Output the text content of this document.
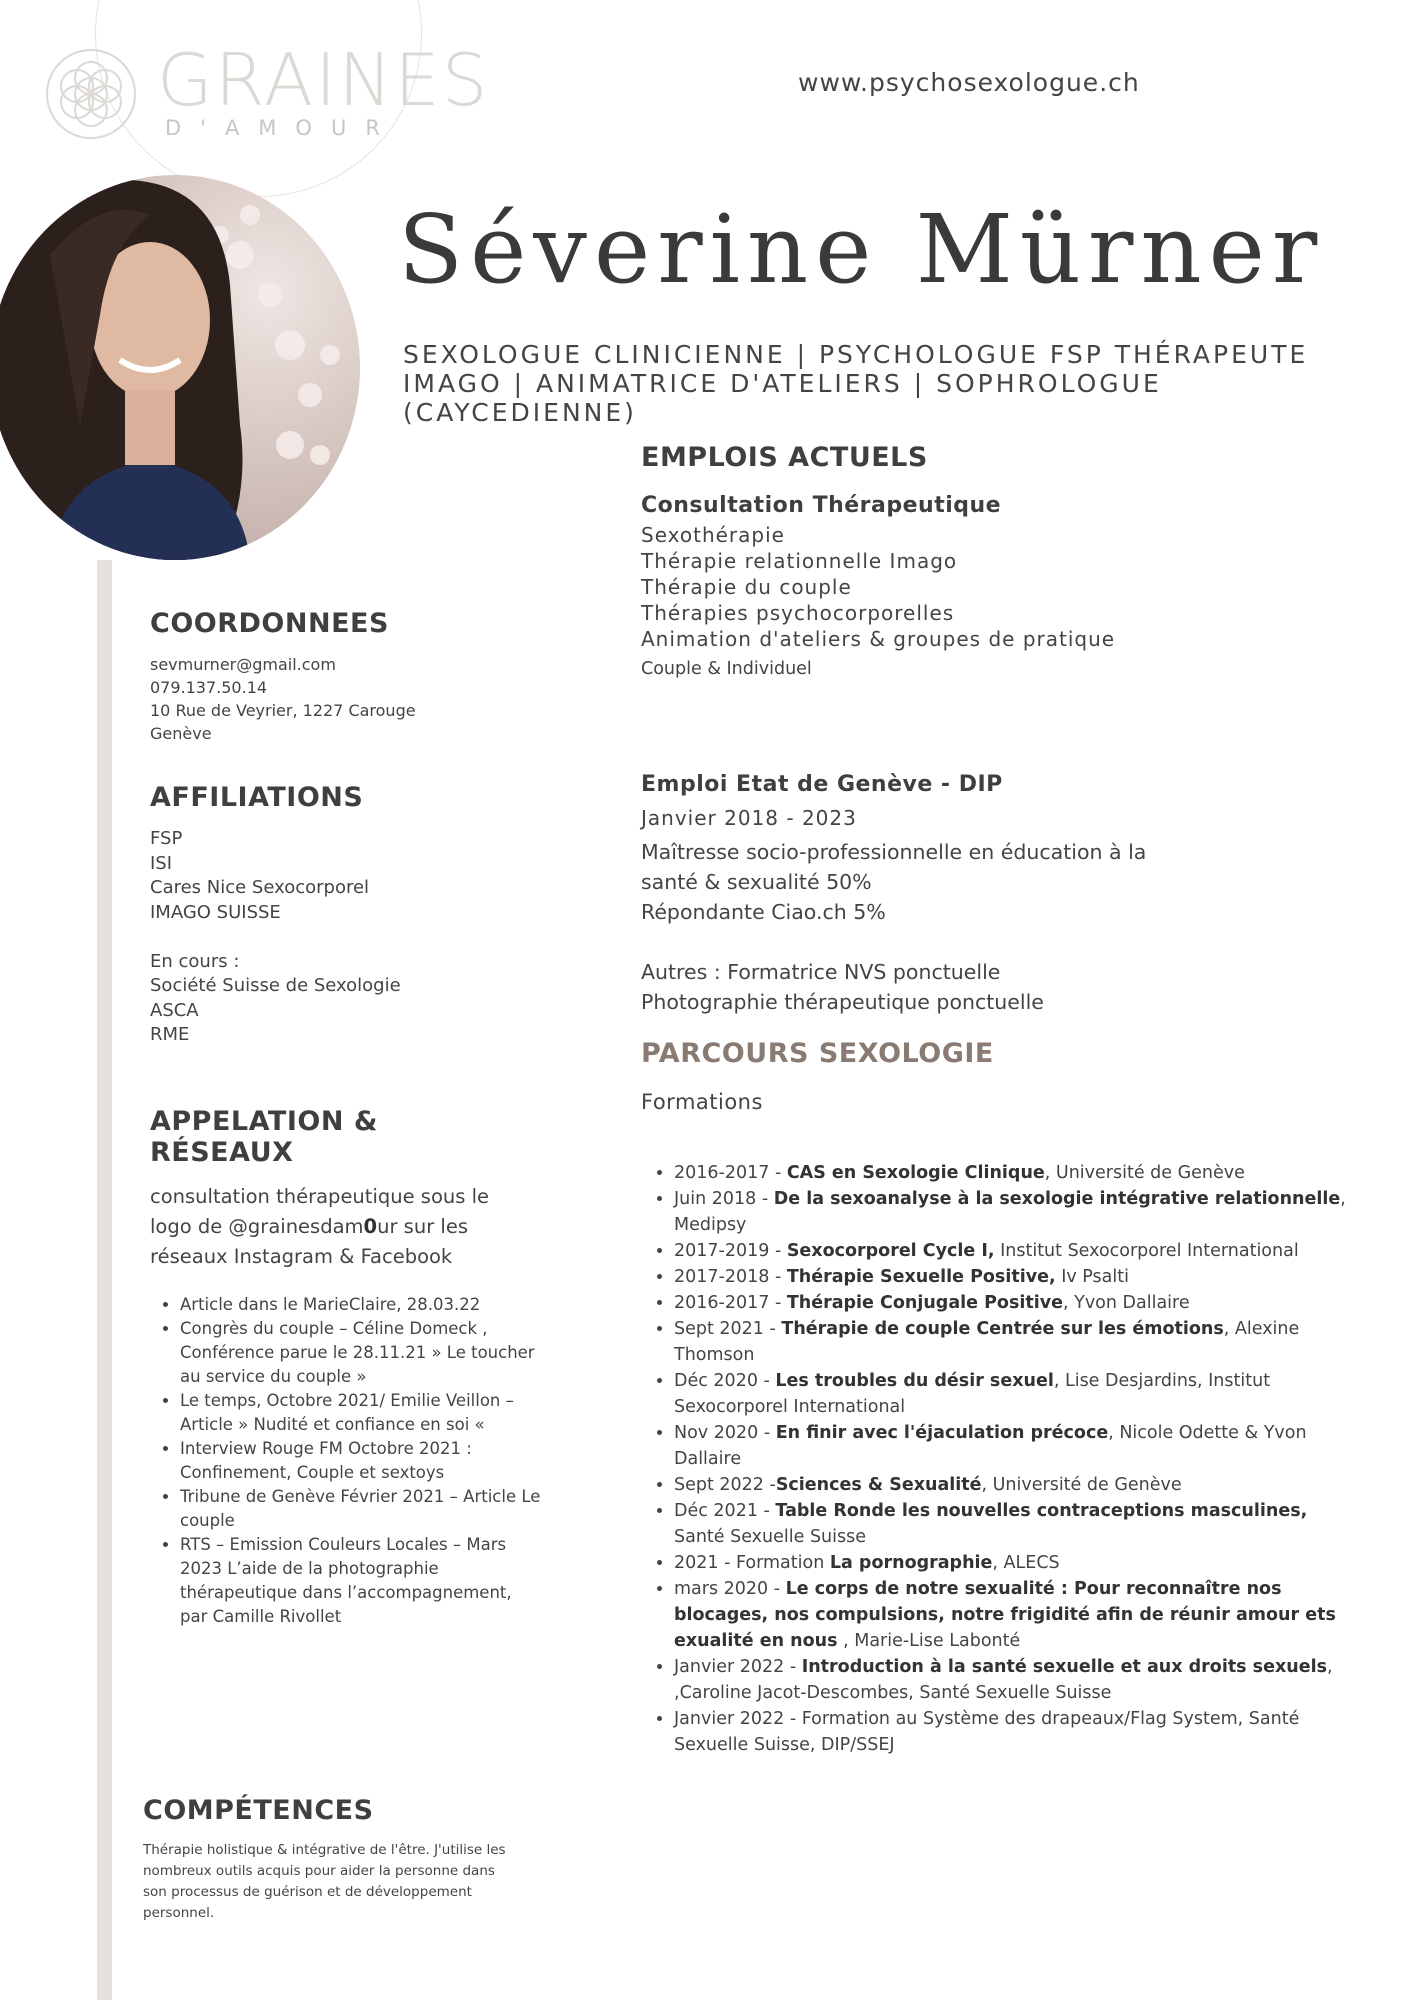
GRAINES
D'AMOUR
www.psychosexologue.ch
Séverine Mürner
SEXOLOGUE CLINICIENNE | PSYCHOLOGUE FSP THÉRAPEUTE IMAGO | ANIMATRICE D'ATELIERS | SOPHROLOGUE (CAYCEDIENNE)
COORDONNEES
sevmurner@gmail.com
079.137.50.14
10 Rue de Veyrier, 1227 Carouge
Genève
AFFILIATIONS
FSP
ISI
Cares Nice Sexocorporel
IMAGO SUISSE
En cours :
Société Suisse de Sexologie
ASCA
RME
APPELATION & RÉSEAUX
consultation thérapeutique sous le logo de @grainesdam0ur sur les réseaux Instagram & Facebook
• Article dans le MarieClaire, 28.03.22
• Congrès du couple – Céline Domeck , Conférence parue le 28.11.21 » Le toucher au service du couple »
• Le temps, Octobre 2021/ Emilie Veillon – Article » Nudité et confiance en soi «
• Interview Rouge FM Octobre 2021 : Confinement, Couple et sextoys
• Tribune de Genève Février 2021 – Article Le couple
• RTS – Emission Couleurs Locales – Mars 2023 L’aide de la photographie thérapeutique dans l’accompagnement, par Camille Rivollet
COMPÉTENCES
Thérapie holistique & intégrative de l'être. J'utilise les nombreux outils acquis pour aider la personne dans son processus de guérison et de développement personnel.
EMPLOIS ACTUELS
Consultation Thérapeutique
Sexothérapie
Thérapie relationnelle Imago
Thérapie du couple
Thérapies psychocorporelles
Animation d'ateliers & groupes de pratique
Couple & Individuel
Emploi Etat de Genève - DIP
Janvier 2018 - 2023
Maîtresse socio-professionnelle en éducation à la
santé & sexualité 50%
Répondante Ciao.ch 5%
Autres : Formatrice NVS ponctuelle
Photographie thérapeutique ponctuelle
PARCOURS SEXOLOGIE
Formations
• 2016-2017 - CAS en Sexologie Clinique, Université de Genève
• Juin 2018 - De la sexoanalyse à la sexologie intégrative relationnelle, Medipsy
• 2017-2019 - Sexocorporel Cycle I, Institut Sexocorporel International
• 2017-2018 - Thérapie Sexuelle Positive, Iv Psalti
• 2016-2017 - Thérapie Conjugale Positive, Yvon Dallaire
• Sept 2021 - Thérapie de couple Centrée sur les émotions, Alexine Thomson
• Déc 2020 - Les troubles du désir sexuel, Lise Desjardins, Institut Sexocorporel International
• Nov 2020 - En finir avec l'éjaculation précoce, Nicole Odette & Yvon Dallaire
• Sept 2022 -Sciences & Sexualité, Université de Genève
• Déc 2021 - Table Ronde les nouvelles contraceptions masculines, Santé Sexuelle Suisse
• 2021 - Formation La pornographie, ALECS
• mars 2020 - Le corps de notre sexualité : Pour reconnaître nos blocages, nos compulsions, notre frigidité afin de réunir amour ets exualité en nous , Marie-Lise Labonté
• Janvier 2022 - Introduction à la santé sexuelle et aux droits sexuels, ,Caroline Jacot-Descombes, Santé Sexuelle Suisse
• Janvier 2022 - Formation au Système des drapeaux/Flag System, Santé Sexuelle Suisse, DIP/SSEJ
